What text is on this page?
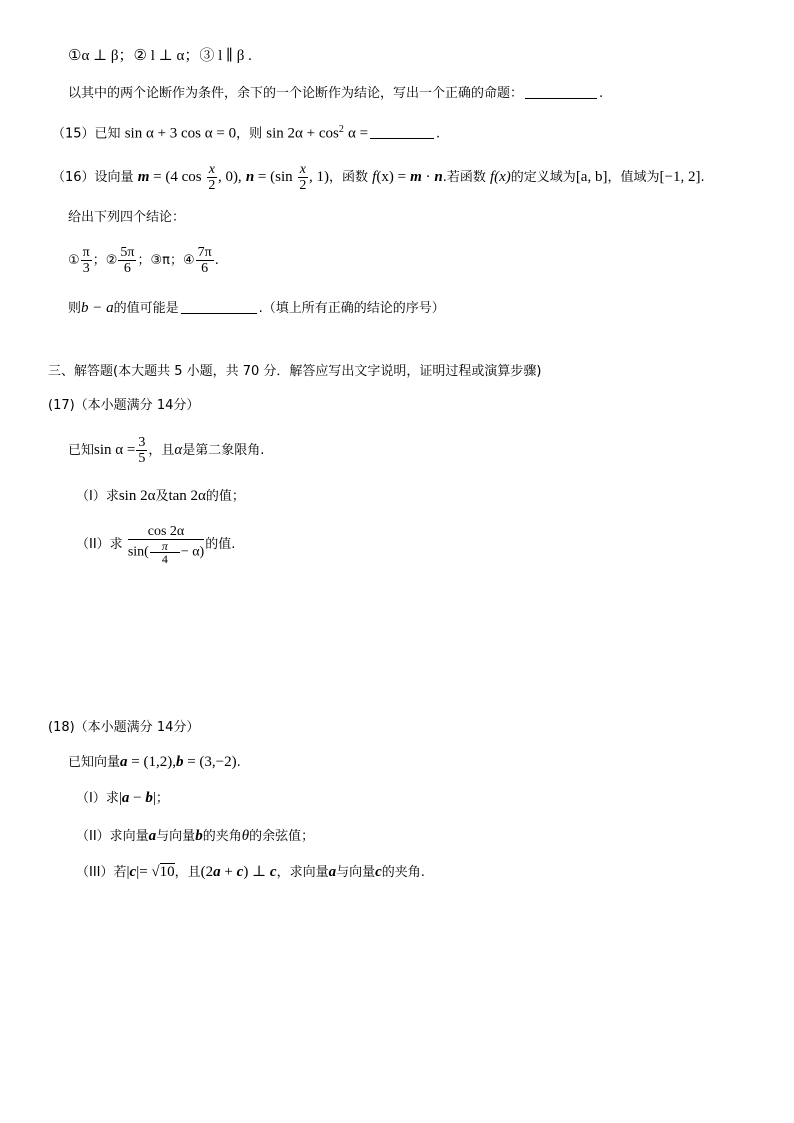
①α ⊥ β；② l ⊥ α；③ l ∥ β .
以其中的两个论断作为条件，余下的一个论断作为结论，写出一个正确的命题：	.
（15）已知 sin α + 3 cos α = 0，则 $\sin 2\alpha + \cos^2 \alpha$ =	.
（16）设向量 m = (4 $\cos \frac{x}{2}$ , 0), $n = (\sin \frac{x}{2}$ , 1)，函数 f(x) = m · n.若函数 f(x)的定义域为[a, b]，值域为[−1, 2].
给出下列四个结论：
① $\frac{\pi}{3}$ ；② $\frac{5\pi}{6}$ ；③π；④ $\frac{7\pi}{6}$ .
则b − a的值可能是	.（填上所有正确的结论的序号）
三、解答题(本大题共 5 小题，共 70 分．解答应写出文字说明，证明过程或演算步骤)
(17)（本小题满分 14分）
已知$\sin \alpha = \frac{3}{5}$ ，且α是第二象限角.
（I）求sin 2α及tan 2α的值；
（II）求 $\frac{\cos 2\alpha}{\sin( \frac{\pi}{4} - \alpha)}$ 的值.
(18)（本小题满分 14分）
已知向量a = (1,2),b = (3,−2).
（I）求|a − b|；
（II）求向量a与向量b的夹角θ的余弦值；
（III）若|c|= √10，且(2a + c) ⊥ c，求向量a与向量c的夹角.
